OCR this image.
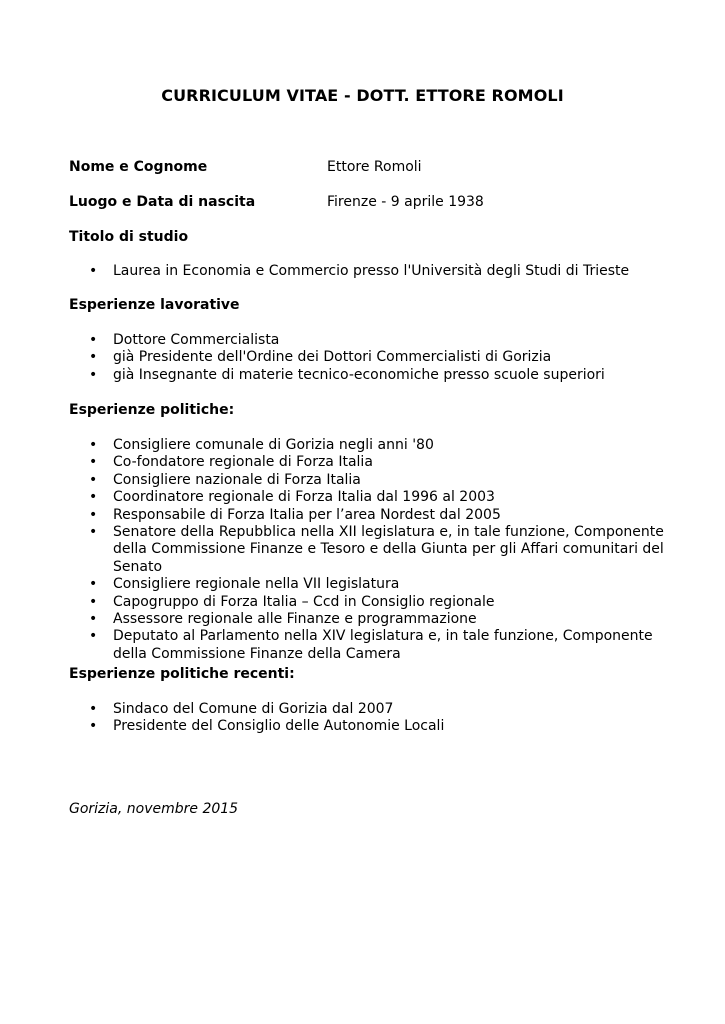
CURRICULUM VITAE - DOTT. ETTORE ROMOLI
Nome e Cognome	Ettore Romoli
Luogo e Data di nascita	Firenze - 9 aprile 1938
Titolo di studio
• Laurea in Economia e Commercio presso l'Università degli Studi di Trieste
Esperienze lavorative
• Dottore Commercialista
• già Presidente dell'Ordine dei Dottori Commercialisti di Gorizia
• già Insegnante di materie tecnico-economiche presso scuole superiori
Esperienze politiche:
• Consigliere comunale di Gorizia negli anni '80
• Co-fondatore regionale di Forza Italia
• Consigliere nazionale di Forza Italia
• Coordinatore regionale di Forza Italia dal 1996 al 2003
• Responsabile di Forza Italia per l’area Nordest dal 2005
• Senatore della Repubblica nella XII legislatura e, in tale funzione, Componente della Commissione Finanze e Tesoro e della Giunta per gli Affari comunitari del Senato
• Consigliere regionale nella VII legislatura
• Capogruppo di Forza Italia – Ccd in Consiglio regionale
• Assessore regionale alle Finanze e programmazione
• Deputato al Parlamento nella XIV legislatura e, in tale funzione, Componente della Commissione Finanze della Camera
Esperienze politiche recenti:
• Sindaco del Comune di Gorizia dal 2007
• Presidente del Consiglio delle Autonomie Locali
Gorizia, novembre 2015
